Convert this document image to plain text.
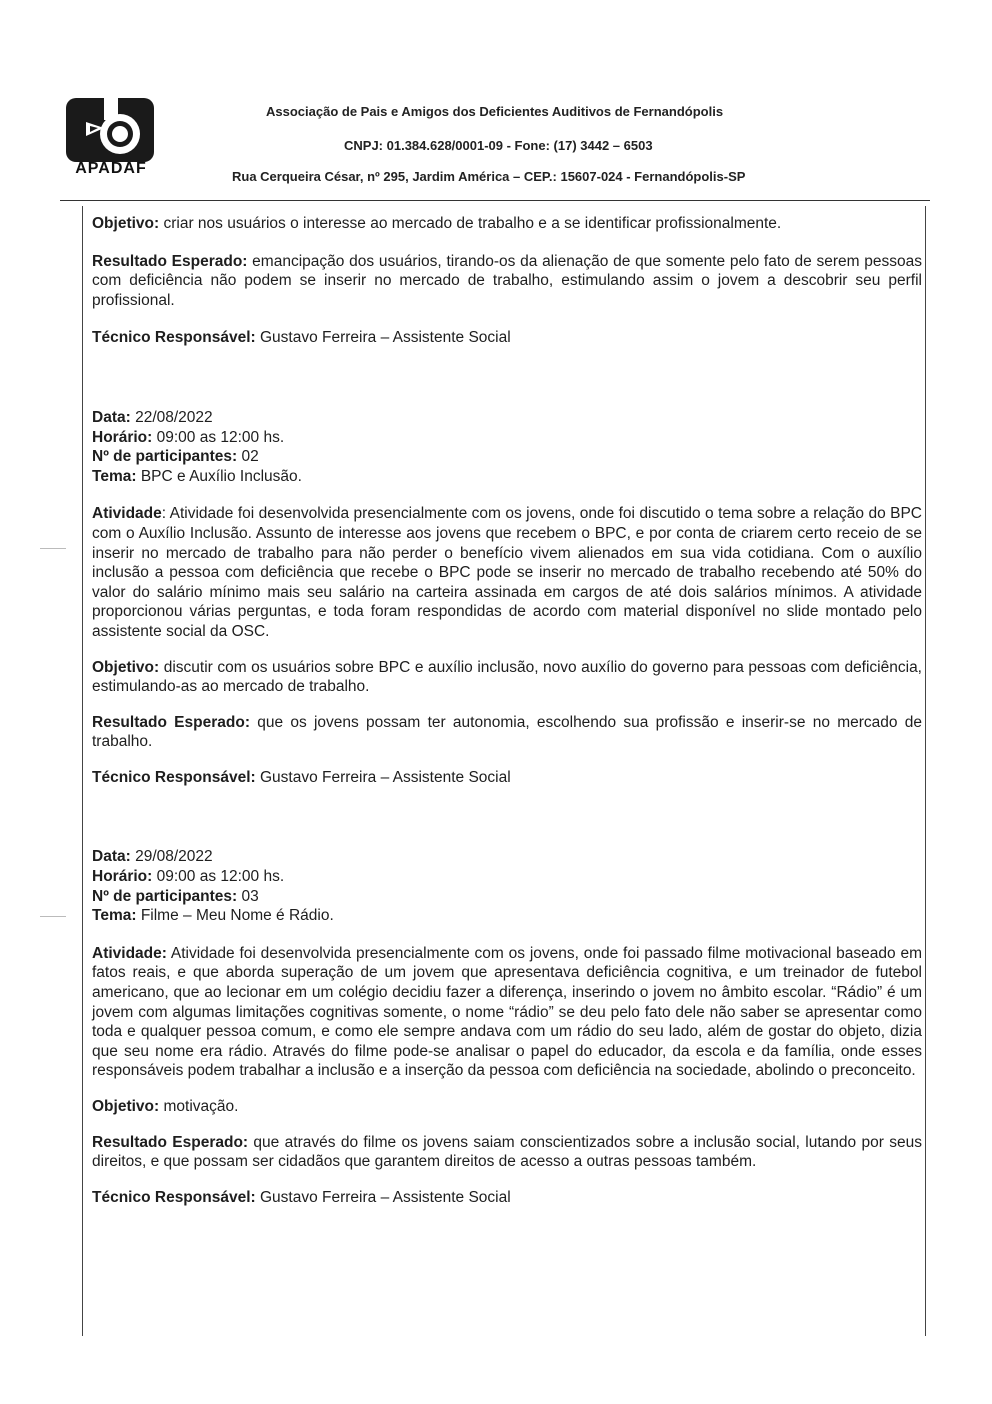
APADAF
Associação de Pais e Amigos dos Deficientes Auditivos de Fernandópolis
CNPJ: 01.384.628/0001-09 - Fone: (17) 3442 – 6503
Rua Cerqueira César, nº 295, Jardim América – CEP.: 15607-024 - Fernandópolis-SP

Objetivo: criar nos usuários o interesse ao mercado de trabalho e a se identificar profissionalmente.

Resultado Esperado: emancipação dos usuários, tirando-os da alienação de que somente pelo fato de serem pessoas com deficiência não podem se inserir no mercado de trabalho, estimulando assim o jovem a descobrir seu perfil profissional.

Técnico Responsável: Gustavo Ferreira – Assistente Social

Data: 22/08/2022

Horário: 09:00 as 12:00 hs.

Nº de participantes: 02

Tema: BPC e Auxílio Inclusão.

Atividade: Atividade foi desenvolvida presencialmente com os jovens, onde foi discutido o tema sobre a relação do BPC com o Auxílio Inclusão. Assunto de interesse aos jovens que recebem o BPC, e por conta de criarem certo receio de se inserir no mercado de trabalho para não perder o benefício vivem alienados em sua vida cotidiana. Com o auxílio inclusão a pessoa com deficiência que recebe o BPC pode se inserir no mercado de trabalho recebendo até 50% do valor do salário mínimo mais seu salário na carteira assinada em cargos de até dois salários mínimos. A atividade proporcionou várias perguntas, e toda foram respondidas de acordo com material disponível no slide montado pelo assistente social da OSC.

Objetivo: discutir com os usuários sobre BPC e auxílio inclusão, novo auxílio do governo para pessoas com deficiência, estimulando-as ao mercado de trabalho.

Resultado Esperado: que os jovens possam ter autonomia, escolhendo sua profissão e inserir-se no mercado de trabalho.

Técnico Responsável: Gustavo Ferreira – Assistente Social

Data: 29/08/2022

Horário: 09:00 as 12:00 hs.

Nº de participantes: 03

Tema: Filme – Meu Nome é Rádio.

Atividade: Atividade foi desenvolvida presencialmente com os jovens, onde foi passado filme motivacional baseado em fatos reais, e que aborda superação de um jovem que apresentava deficiência cognitiva, e um treinador de futebol americano, que ao lecionar em um colégio decidiu fazer a diferença, inserindo o jovem no âmbito escolar. “Rádio” é um jovem com algumas limitações cognitivas somente, o nome “rádio” se deu pelo fato dele não saber se apresentar como toda e qualquer pessoa comum, e como ele sempre andava com um rádio do seu lado, além de gostar do objeto, dizia que seu nome era rádio. Através do filme pode-se analisar o papel do educador, da escola e da família, onde esses responsáveis podem trabalhar a inclusão e a inserção da pessoa com deficiência na sociedade, abolindo o preconceito.

Objetivo: motivação.

Resultado Esperado: que através do filme os jovens saiam conscientizados sobre a inclusão social, lutando por seus direitos, e que possam ser cidadãos que garantem direitos de acesso a outras pessoas também.

Técnico Responsável: Gustavo Ferreira – Assistente Social
